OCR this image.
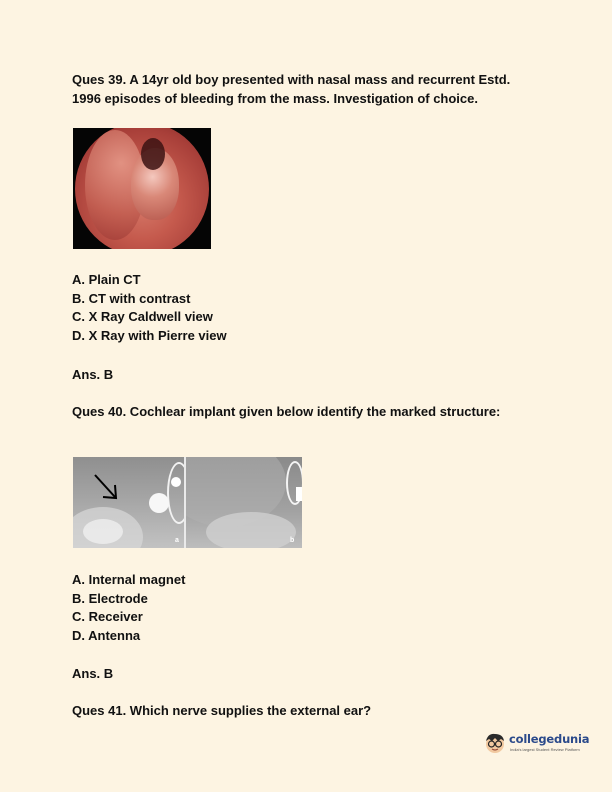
Ques 39. A 14yr old boy presented with nasal mass and recurrent Estd.
1996 episodes of bleeding from the mass. Investigation of choice.

A. Plain CT
B. CT with contrast
C. X Ray Caldwell view
D. X Ray with Pierre view

Ans. B

Ques 40. Cochlear implant given below identify the marked structure:

a	b
A. Internal magnet
B. Electrode
C. Receiver
D. Antenna

Ans. B

Ques 41. Which nerve supplies the external ear?

collegedunia
India's largest Student Review Platform
